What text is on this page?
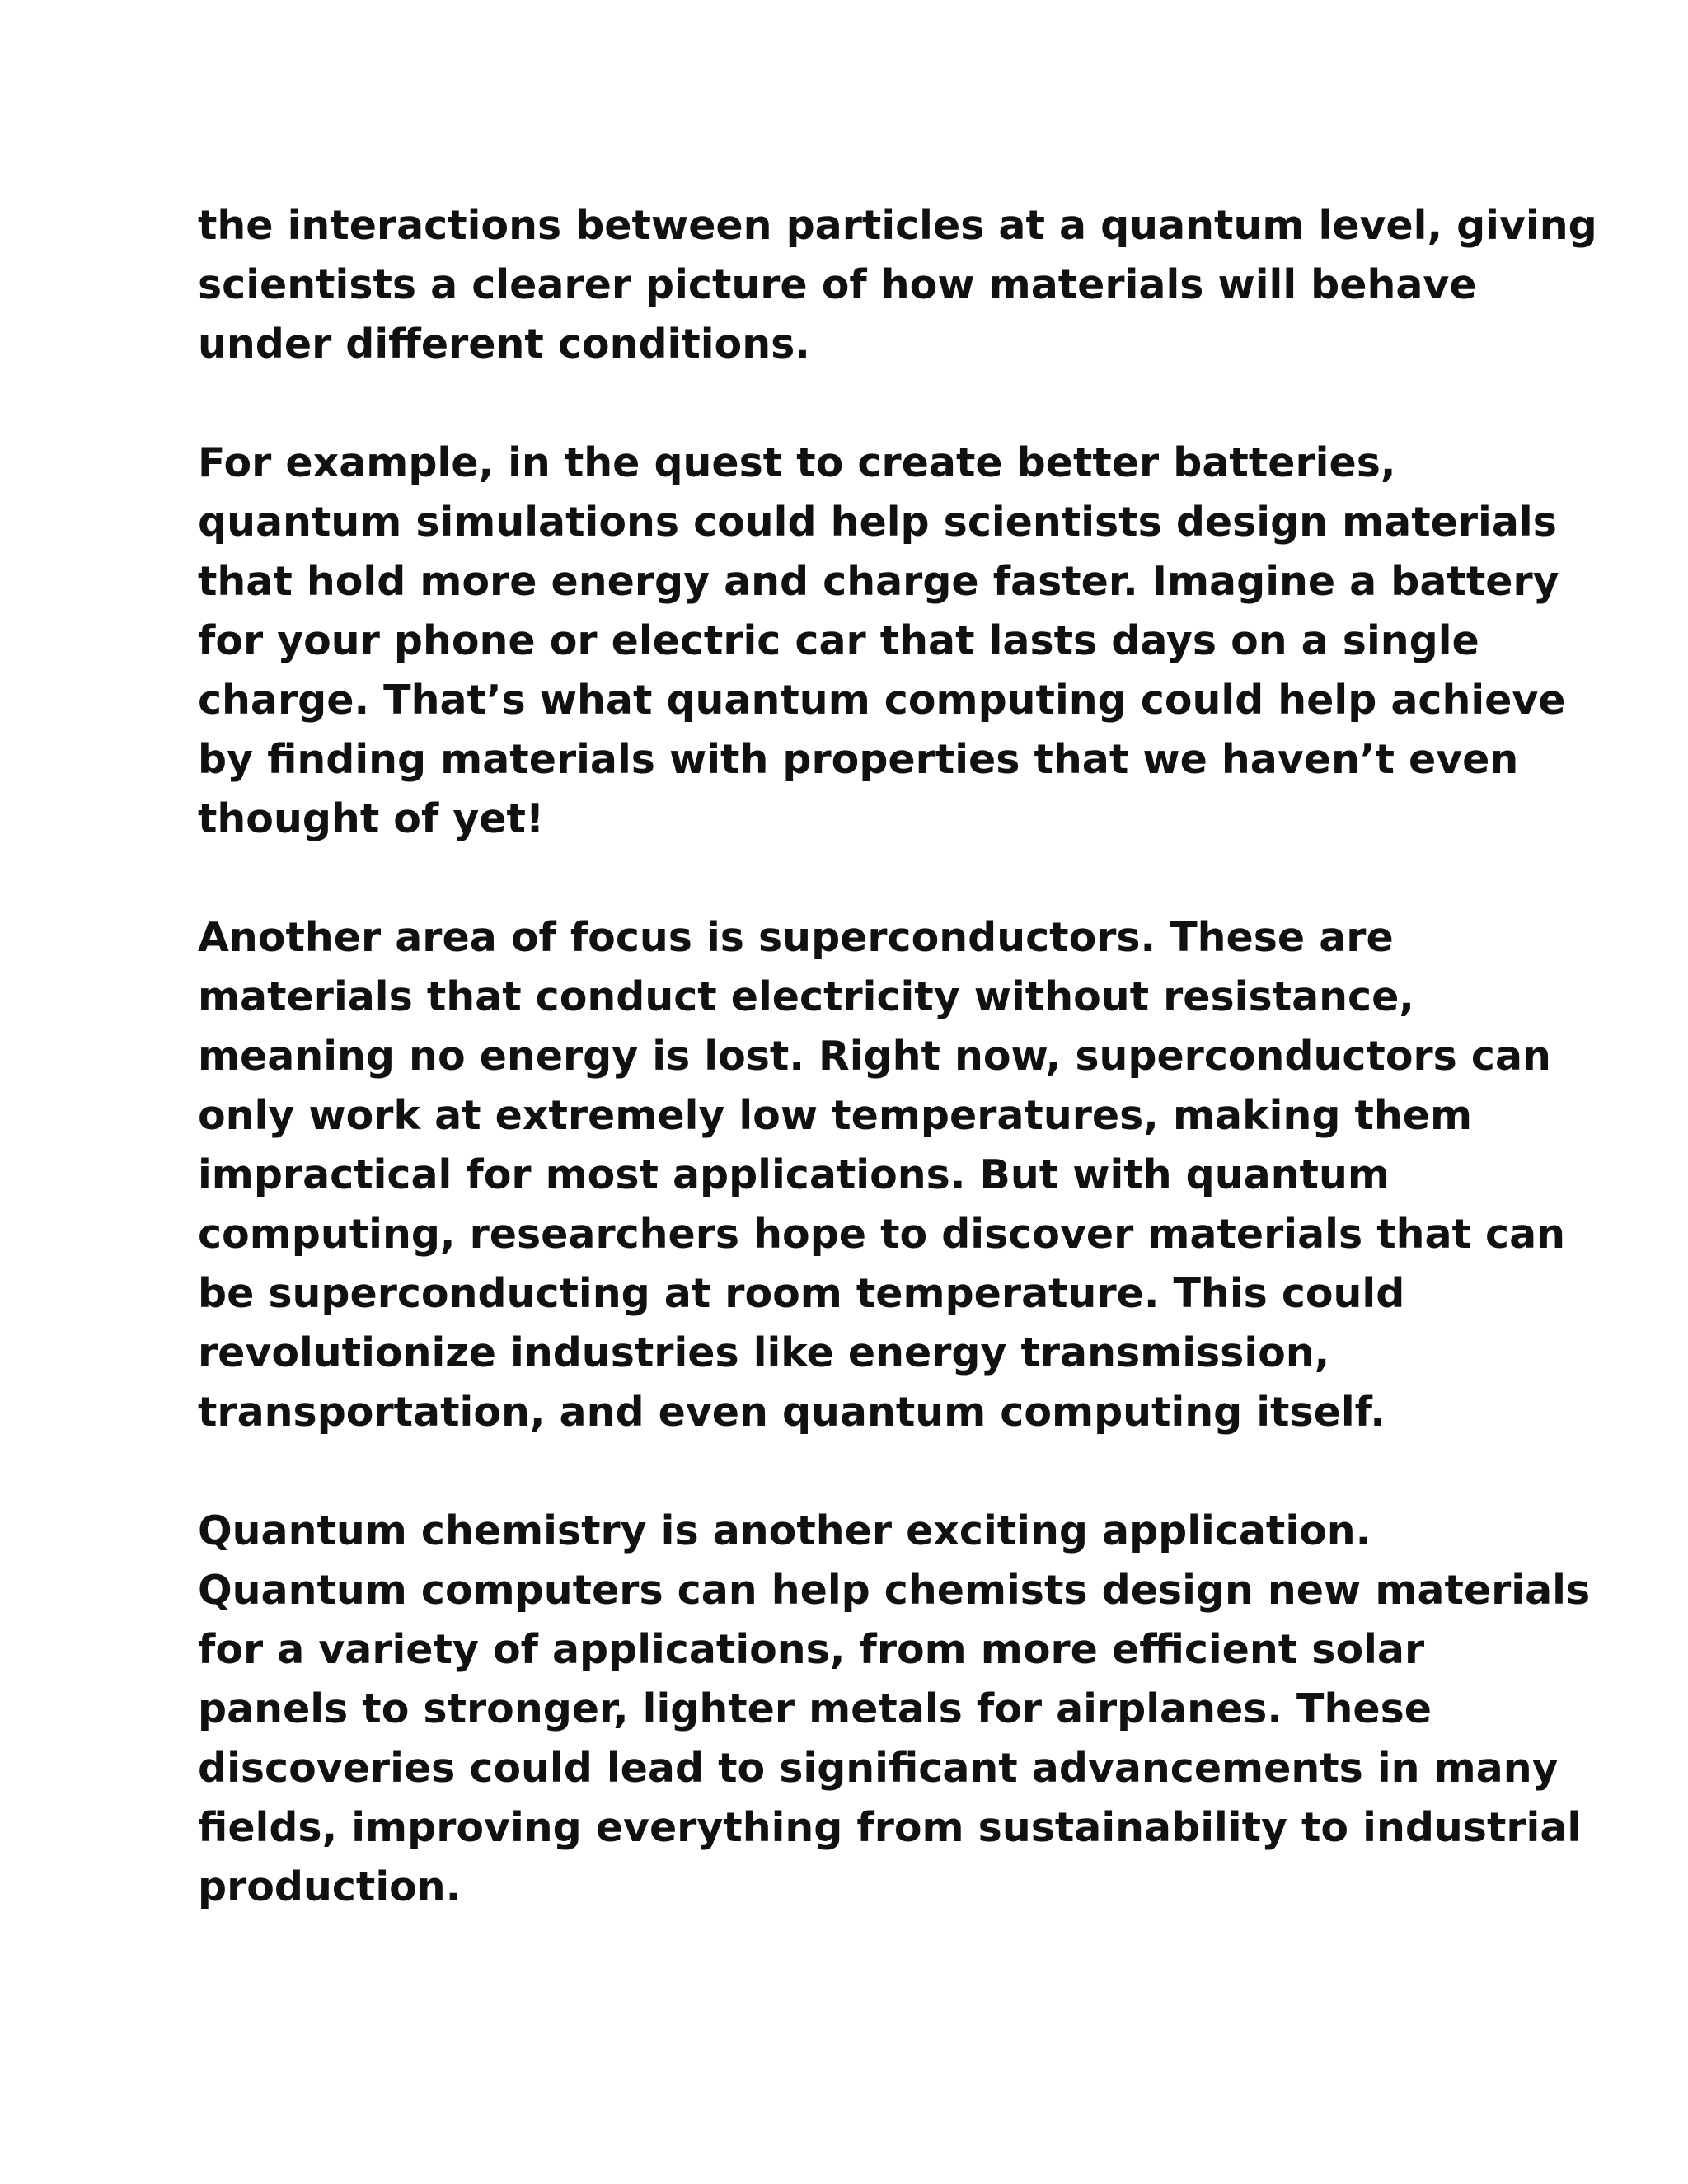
the interactions between particles at a quantum level, giving
scientists a clearer picture of how materials will behave
under different conditions.

For example, in the quest to create better batteries,
quantum simulations could help scientists design materials
that hold more energy and charge faster. Imagine a battery
for your phone or electric car that lasts days on a single
charge. That’s what quantum computing could help achieve
by finding materials with properties that we haven’t even
thought of yet!

Another area of focus is superconductors. These are
materials that conduct electricity without resistance,
meaning no energy is lost. Right now, superconductors can
only work at extremely low temperatures, making them
impractical for most applications. But with quantum
computing, researchers hope to discover materials that can
be superconducting at room temperature. This could
revolutionize industries like energy transmission,
transportation, and even quantum computing itself.

Quantum chemistry is another exciting application.
Quantum computers can help chemists design new materials
for a variety of applications, from more efficient solar
panels to stronger, lighter metals for airplanes. These
discoveries could lead to significant advancements in many
fields, improving everything from sustainability to industrial
production.
